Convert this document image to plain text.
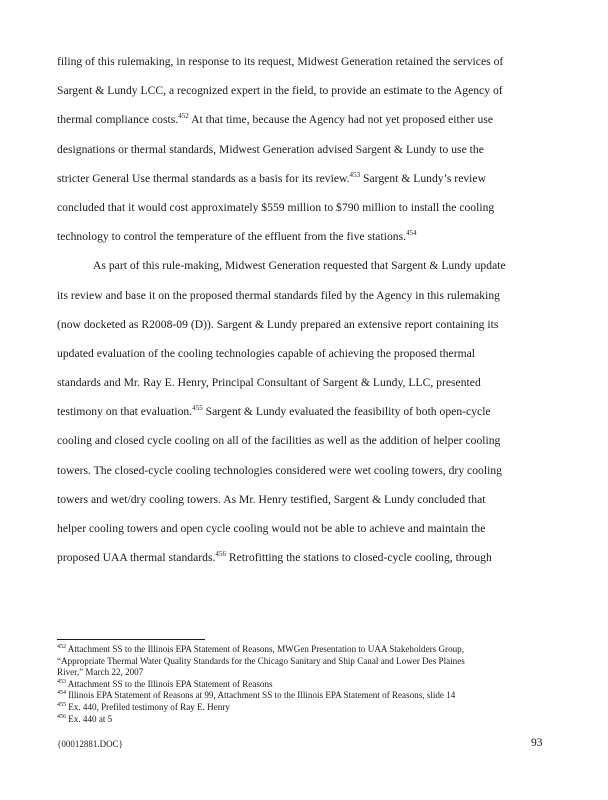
filing of this rulemaking, in response to its request, Midwest Generation retained the services of
Sargent & Lundy LCC, a recognized expert in the field, to provide an estimate to the Agency of
thermal compliance costs.$^{452}$ At that time, because the Agency had not yet proposed either use
designations or thermal standards, Midwest Generation advised Sargent & Lundy to use the
stricter General Use thermal standards as a basis for its review.$^{453}$ Sargent & Lundy’s review
concluded that it would cost approximately $559 million to $790 million to install the cooling
technology to control the temperature of the effluent from the five stations.$^{454}$
As part of this rule-making, Midwest Generation requested that Sargent & Lundy update
its review and base it on the proposed thermal standards filed by the Agency in this rulemaking
(now docketed as R2008-09 (D)). Sargent & Lundy prepared an extensive report containing its
updated evaluation of the cooling technologies capable of achieving the proposed thermal
standards and Mr. Ray E. Henry, Principal Consultant of Sargent & Lundy, LLC, presented
testimony on that evaluation.$^{455}$ Sargent & Lundy evaluated the feasibility of both open-cycle
cooling and closed cycle cooling on all of the facilities as well as the addition of helper cooling
towers. The closed-cycle cooling technologies considered were wet cooling towers, dry cooling
towers and wet/dry cooling towers. As Mr. Henry testified, Sargent & Lundy concluded that
helper cooling towers and open cycle cooling would not be able to achieve and maintain the
proposed UAA thermal standards.$^{456}$ Retrofitting the stations to closed-cycle cooling, through
$^{452}$ Attachment SS to the Illinois EPA Statement of Reasons, MWGen Presentation to UAA Stakeholders Group,
“Appropriate Thermal Water Quality Standards for the Chicago Sanitary and Ship Canal and Lower Des Plaines
River,” March 22, 2007
$^{453}$ Attachment SS to the Illinois EPA Statement of Reasons
$^{454}$ Illinois EPA Statement of Reasons at 99, Attachment SS to the Illinois EPA Statement of Reasons, slide 14
$^{455}$ Ex. 440, Prefiled testimony of Ray E. Henry
$^{456}$ Ex. 440 at 5
{00012881.DOC}	93
